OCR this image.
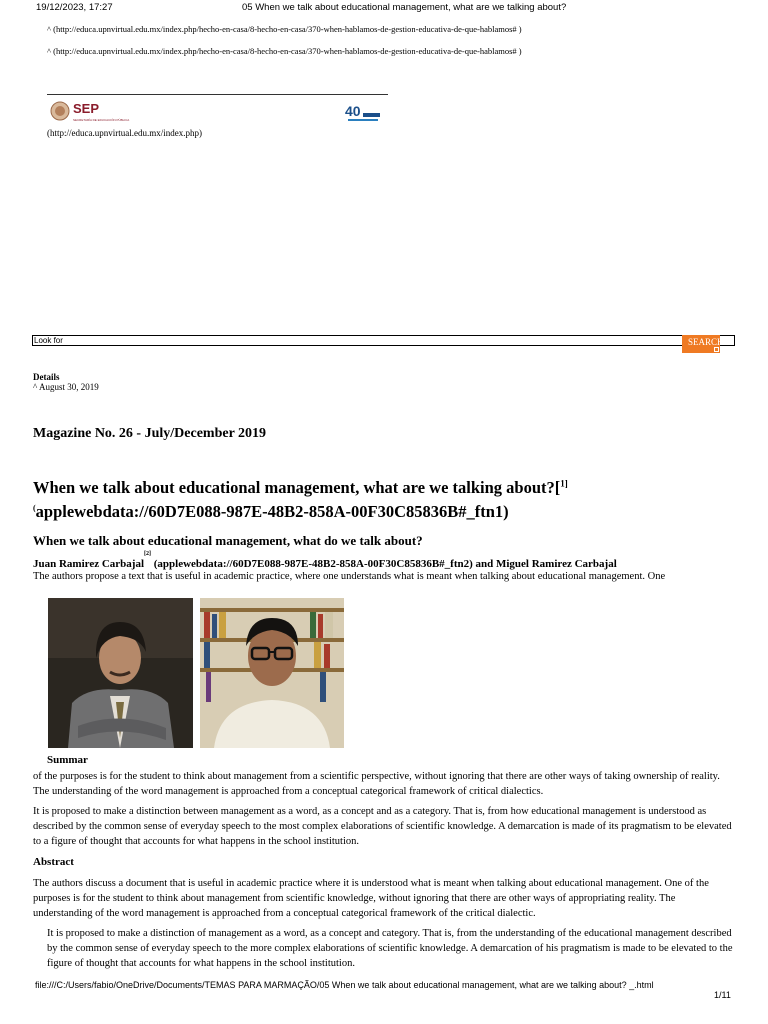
19/12/2023, 17:27	05 When we talk about educational management, what are we talking about?
^ (http://educa.upnvirtual.edu.mx/index.php/hecho-en-casa/8-hecho-en-casa/370-when-hablamos-de-gestion-educativa-de-que-hablamos# )
^ (http://educa.upnvirtual.edu.mx/index.php/hecho-en-casa/8-hecho-en-casa/370-when-hablamos-de-gestion-educativa-de-que-hablamos# )
SEP
SECRETARÍA DE EDUCACIÓN PÚBLICA
40
(http://educa.upnvirtual.edu.mx/index.php)
Look for
SEARCH
Details
^ August 30, 2019
Magazine No. 26 - July/December 2019
When we talk about educational management, what are we talking about?[$^{1]}$
(applewebdata://60D7E088-987E-48B2-858A-00F30C85836B#_ftn1)
When we talk about educational management, what do we talk about?
Juan Ramirez Carbajal[2] (applewebdata://60D7E088-987E-48B2-858A-00F30C85836B#_ftn2) and Miguel Ramirez Carbajal
The authors propose a text that is useful in academic practice, where one understands what is meant when talking about educational management. One
Summar

of the purposes is for the student to think about management from a scientific perspective, without ignoring that there are other ways of taking ownership of reality. The understanding of the word management is approached from a conceptual categorical framework of critical dialectics.

It is proposed to make a distinction between management as a word, as a concept and as a category. That is, from how educational management is understood as described by the common sense of everyday speech to the most complex elaborations of scientific knowledge. A demarcation is made of its pragmatism to be elevated to a figure of thought that accounts for what happens in the school institution.

Abstract

The authors discuss a document that is useful in academic practice where it is understood what is meant when talking about educational management. One of the purposes is for the student to think about management from scientific knowledge, without ignoring that there are other ways of appropriating reality. The understanding of the word management is approached from a conceptual categorical framework of the critical dialectic.

It is proposed to make a distinction of management as a word, as a concept and category. That is, from the understanding of the educational management described by the common sense of everyday speech to the more complex elaborations of scientific knowledge. A demarcation of his pragmatism is made to be elevated to the figure of thought that accounts for what happens in the school institution.

file:///C:/Users/fabio/OneDrive/Documents/TEMAS PARA MARMAÇÃO/05 When we talk about educational management, what are we talking about? _.html
1/11
